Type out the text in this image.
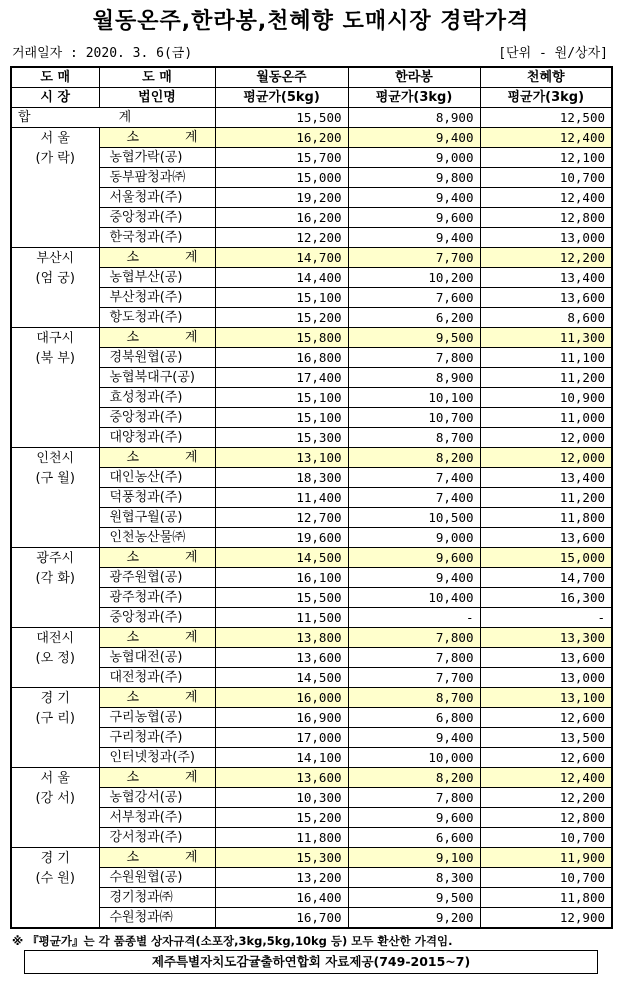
월동온주,한라봉,천혜향 도매시장 경락가격
거래일자 : 2020. 3. 6(금)	[단위 - 원/상자]
도 매	도 매	월동온주	한라봉	천혜향
시 장	법인명	평균가(5kg)	평균가(3kg)	평균가(3kg)
합 계		15,500	8,900	12,500

서 울
(가 락)	소 계	16,200	9,400	12,400
	농협가락(공)	15,700	9,000	12,100
	동부팜청과㈜	15,000	9,800	10,700
	서울청과(주)	19,200	9,400	12,400
	중앙청과(주)	16,200	9,600	12,800
	한국청과(주)	12,200	9,400	13,000

부산시
(엄 궁)	소 계	14,700	7,700	12,200
	농협부산(공)	14,400	10,200	13,400
	부산청과(주)	15,100	7,600	13,600
	항도청과(주)	15,200	6,200	8,600

대구시
(북 부)	소 계	15,800	9,500	11,300
	경북원협(공)	16,800	7,800	11,100
	농협북대구(공)	17,400	8,900	11,200
	효성청과(주)	15,100	10,100	10,900
	중앙청과(주)	15,100	10,700	11,000
	대양청과(주)	15,300	8,700	12,000

인천시
(구 월)	소 계	13,100	8,200	12,000
	대인농산(주)	18,300	7,400	13,400
	덕풍청과(주)	11,400	7,400	11,200
	원협구월(공)	12,700	10,500	11,800
	인천농산물㈜	19,600	9,000	13,600

광주시
(각 화)	소 계	14,500	9,600	15,000
	광주원협(공)	16,100	9,400	14,700
	광주청과(주)	15,500	10,400	16,300
	중앙청과(주)	11,500	-	-

대전시
(오 정)	소 계	13,800	7,800	13,300
	농협대전(공)	13,600	7,800	13,600
	대전청과(주)	14,500	7,700	13,000

경 기
(구 리)	소 계	16,000	8,700	13,100
	구리농협(공)	16,900	6,800	12,600
	구리청과(주)	17,000	9,400	13,500
	인터넷청과(주)	14,100	10,000	12,600

서 울
(강 서)	소 계	13,600	8,200	12,400
	농협강서(공)	10,300	7,800	12,200
	서부청과(주)	15,200	9,600	12,800
	강서청과(주)	11,800	6,600	10,700

경 기
(수 원)	소 계	15,300	9,100	11,900
	수원원협(공)	13,200	8,300	10,700
	경기청과㈜	16,400	9,500	11,800
	수원청과㈜	16,700	9,200	12,900
※ 『평균가』는 각 품종별 상자규격(소포장,3kg,5kg,10kg 등) 모두 환산한 가격임.
제주특별자치도감귤출하연합회 자료제공(749-2015~7)
